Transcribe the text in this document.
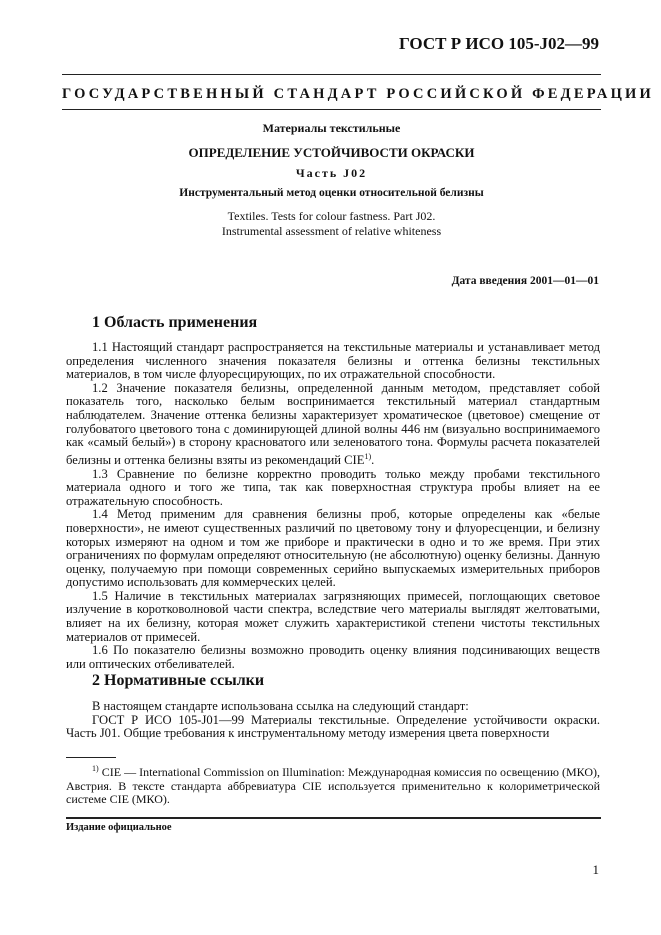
ГОСТ Р ИСО 105-J02—99
ГОСУДАРСТВЕННЫЙ СТАНДАРТ РОССИЙСКОЙ ФЕДЕРАЦИИ
Материалы текстильные
ОПРЕДЕЛЕНИЕ УСТОЙЧИВОСТИ ОКРАСКИ
Часть J02
Инструментальный метод оценки относительной белизны
Textiles. Tests for colour fastness. Part J02.
Instrumental assessment of relative whiteness
Дата введения 2001—01—01
1 Область применения

1.1 Настоящий стандарт распространяется на текстильные материалы и устанавливает метод определения численного значения показателя белизны и оттенка белизны текстильных материалов, в том числе флуоресцирующих, по их отражательной способности.

1.2 Значение показателя белизны, определенной данным методом, представляет собой показатель того, насколько белым воспринимается текстильный материал стандартным наблюдателем. Значение оттенка белизны характеризует хроматическое (цветовое) смещение от голубоватого цветового тона с доминирующей длиной волны 446 нм (визуально воспринимаемого как «самый белый») в сторону красноватого или зеленоватого тона. Формулы расчета показателей белизны и оттенка белизны взяты из рекомендаций CIE$^{1)}$.

1.3 Сравнение по белизне корректно проводить только между пробами текстильного материала одного и того же типа, так как поверхностная структура пробы влияет на ее отражательную способность.

1.4 Метод применим для сравнения белизны проб, которые определены как «белые поверхности», не имеют существенных различий по цветовому тону и флуоресценции, и белизну которых измеряют на одном и том же приборе и практически в одно и то же время. При этих ограничениях по формулам определяют относительную (не абсолютную) оценку белизны. Данную оценку, получаемую при помощи современных серийно выпускаемых измерительных приборов допустимо использовать для коммерческих целей.

1.5 Наличие в текстильных материалах загрязняющих примесей, поглощающих световое излучение в коротковолновой части спектра, вследствие чего материалы выглядят желтоватыми, влияет на их белизну, которая может служить характеристикой степени чистоты текстильных материалов от примесей.

1.6 По показателю белизны возможно проводить оценку влияния подсинивающих веществ или оптических отбеливателей.

2 Нормативные ссылки

В настоящем стандарте использована ссылка на следующий стандарт:

ГОСТ Р ИСО 105-J01—99 Материалы текстильные. Определение устойчивости окраски. Часть J01. Общие требования к инструментальному методу измерения цвета поверхности

$^{1)}$ CIE — International Commission on Illumination: Международная комиссия по освещению (МКО), Австрия. В тексте стандарта аббревиатура CIE используется применительно к колориметрической системе CIE (МКО).

Издание официальное
1
